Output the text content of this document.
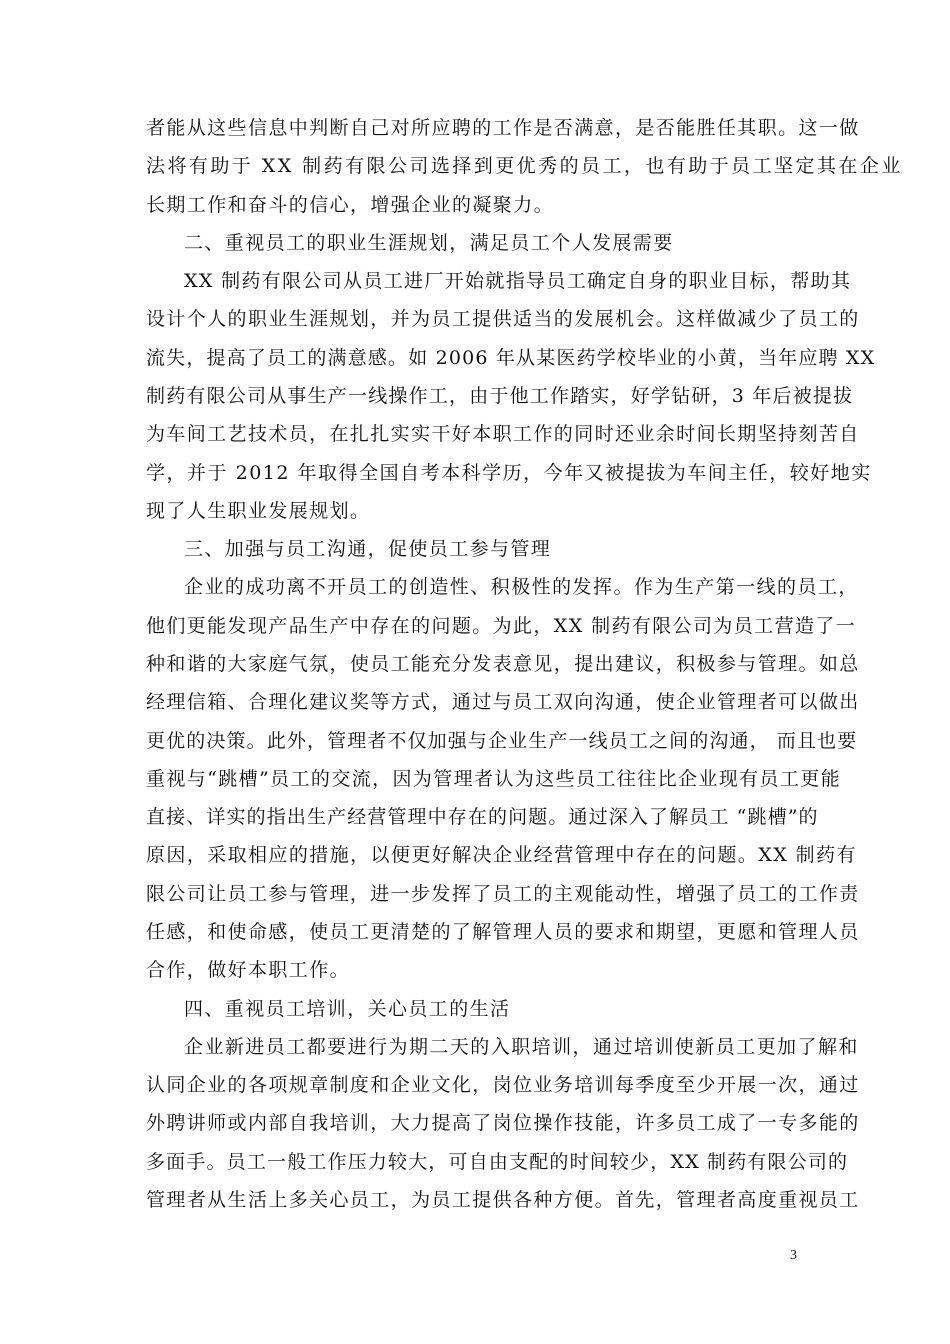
者能从这些信息中判断自己对所应聘的工作是否满意，是否能胜任其职。这一做
法将有助于 XX 制药有限公司选择到更优秀的员工，也有助于员工坚定其在企业
长期工作和奋斗的信心，增强企业的凝聚力。
二、重视员工的职业生涯规划，满足员工个人发展需要
XX 制药有限公司从员工进厂开始就指导员工确定自身的职业目标，帮助其
设计个人的职业生涯规划，并为员工提供适当的发展机会。这样做减少了员工的
流失，提高了员工的满意感。如 2006 年从某医药学校毕业的小黄，当年应聘 XX
制药有限公司从事生产一线操作工，由于他工作踏实，好学钻研，3 年后被提拔
为车间工艺技术员，在扎扎实实干好本职工作的同时还业余时间长期坚持刻苦自
学，并于 2012 年取得全国自考本科学历，今年又被提拔为车间主任，较好地实
现了人生职业发展规划。
三、加强与员工沟通，促使员工参与管理
企业的成功离不开员工的创造性、积极性的发挥。作为生产第一线的员工，
他们更能发现产品生产中存在的问题。为此，XX 制药有限公司为员工营造了一
种和谐的大家庭气氛，使员工能充分发表意见，提出建议，积极参与管理。如总
经理信箱、合理化建议奖等方式，通过与员工双向沟通，使企业管理者可以做出
更优的决策。此外，管理者不仅加强与企业生产一线员工之间的沟通， 而且也要
重视与“跳槽”员工的交流，因为管理者认为这些员工往往比企业现有员工更能
直接、详实的指出生产经营管理中存在的问题。通过深入了解员工 “跳槽”的
原因，采取相应的措施，以便更好解决企业经营管理中存在的问题。XX 制药有
限公司让员工参与管理，进一步发挥了员工的主观能动性，增强了员工的工作责
任感，和使命感，使员工更清楚的了解管理人员的要求和期望，更愿和管理人员
合作，做好本职工作。
四、重视员工培训，关心员工的生活
企业新进员工都要进行为期二天的入职培训，通过培训使新员工更加了解和
认同企业的各项规章制度和企业文化，岗位业务培训每季度至少开展一次，通过
外聘讲师或内部自我培训，大力提高了岗位操作技能，许多员工成了一专多能的
多面手。员工一般工作压力较大，可自由支配的时间较少，XX 制药有限公司的
管理者从生活上多关心员工，为员工提供各种方便。首先，管理者高度重视员工
3
